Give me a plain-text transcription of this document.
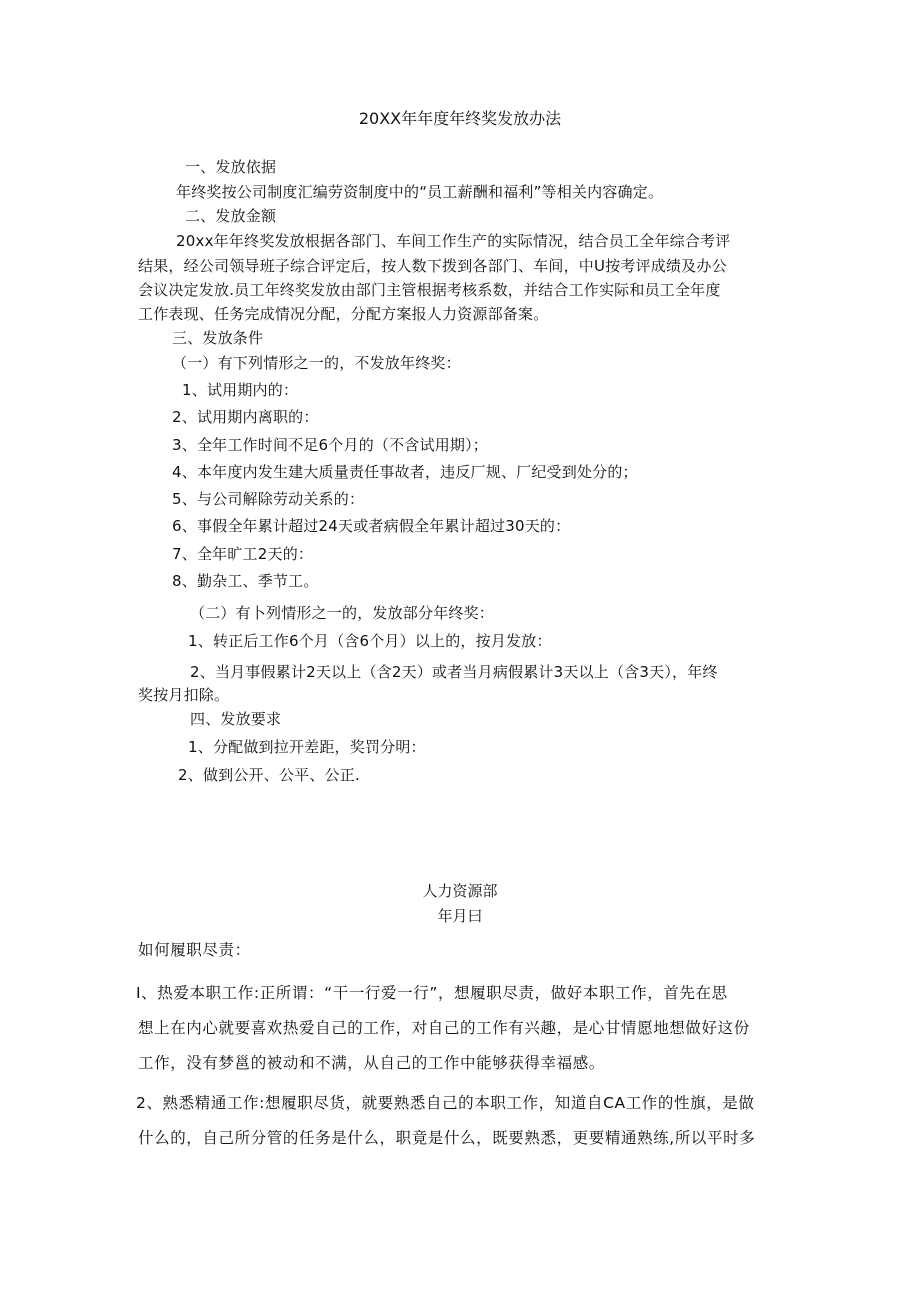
20XX年年度年终奖发放办法
一、发放依据
年终奖按公司制度汇编劳资制度中的“员工薪酬和福利”等相关内容确定。
二、发放金额
20xx年年终奖发放根据各部门、车间工作生产的实际情况，结合员工全年综合考评
结果，经公司领导班子综合评定后，按人数下拨到各部门、车间，中U按考评成绩及办公
会议决定发放.员工年终奖发放由部门主管根据考核系数，并结合工作实际和员工全年度
工作表现、任务完成情况分配，分配方案报人力资源部备案。
三、发放条件
（一）有下列情形之一的，不发放年终奖：
1、试用期内的：
2、试用期内离职的：
3、全年工作时间不足6个月的（不含试用期）；
4、本年度内发生建大质量责任事故者，违反厂规、厂纪受到处分的；
5、与公司解除劳动关系的：
6、事假全年累计超过24天或者病假全年累计超过30天的：
7、全年旷工2天的：
8、勤杂工、季节工。
（二）有卜列情形之一的，发放部分年终奖：
1、转正后工作6个月（含6个月）以上的，按月发放：
2、当月事假累计2天以上（含2天）或者当月病假累计3天以上（含3天），年终
奖按月扣除。
四、发放要求
1、分配做到拉开差距，奖罚分明：
2、做到公开、公平、公正.
人力资源部
年月曰
如何履职尽责：
I、热爱本职工作:正所谓：“干一行爱一行”，想履职尽责，做好本职工作，首先在思
想上在内心就要喜欢热爱自己的工作，对自己的工作有兴趣，是心甘情愿地想做好这份
工作，没有梦邕的被动和不满，从自己的工作中能够获得幸福感。
2、熟悉精通工作:想履职尽货，就要熟悉自己的本职工作，知道自CA工作的性旗，是做
什么的，自己所分管的任务是什么，职竟是什么，既要熟悉，更要精通熟练,所以平时多
